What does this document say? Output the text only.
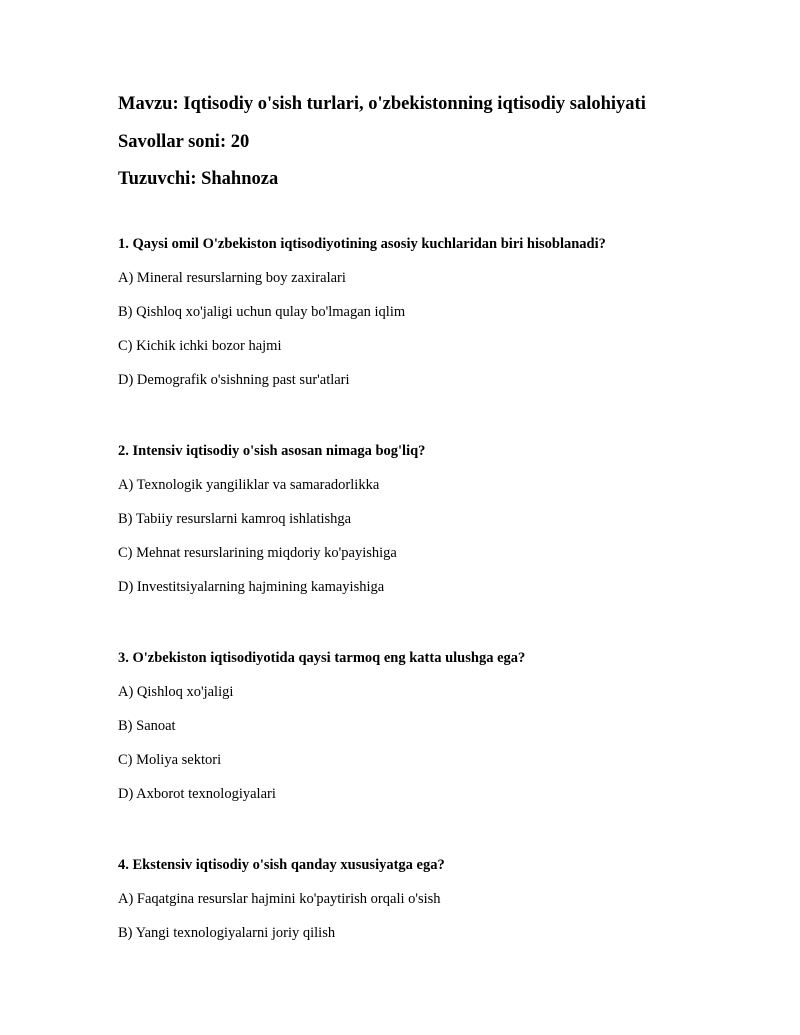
Mavzu: Iqtisodiy o'sish turlari, o'zbekistonning iqtisodiy salohiyati
Savollar soni: 20
Tuzuvchi: Shahnoza
1. Qaysi omil O'zbekiston iqtisodiyotining asosiy kuchlaridan biri hisoblanadi?
A) Mineral resurslarning boy zaxiralari
B) Qishloq xo'jaligi uchun qulay bo'lmagan iqlim
C) Kichik ichki bozor hajmi
D) Demografik o'sishning past sur'atlari
2. Intensiv iqtisodiy o'sish asosan nimaga bog'liq?
A) Texnologik yangiliklar va samaradorlikka
B) Tabiiy resurslarni kamroq ishlatishga
C) Mehnat resurslarining miqdoriy ko'payishiga
D) Investitsiyalarning hajmining kamayishiga
3. O'zbekiston iqtisodiyotida qaysi tarmoq eng katta ulushga ega?
A) Qishloq xo'jaligi
B) Sanoat
C) Moliya sektori
D) Axborot texnologiyalari
4. Ekstensiv iqtisodiy o'sish qanday xususiyatga ega?
A) Faqatgina resurslar hajmini ko'paytirish orqali o'sish
B) Yangi texnologiyalarni joriy qilish
